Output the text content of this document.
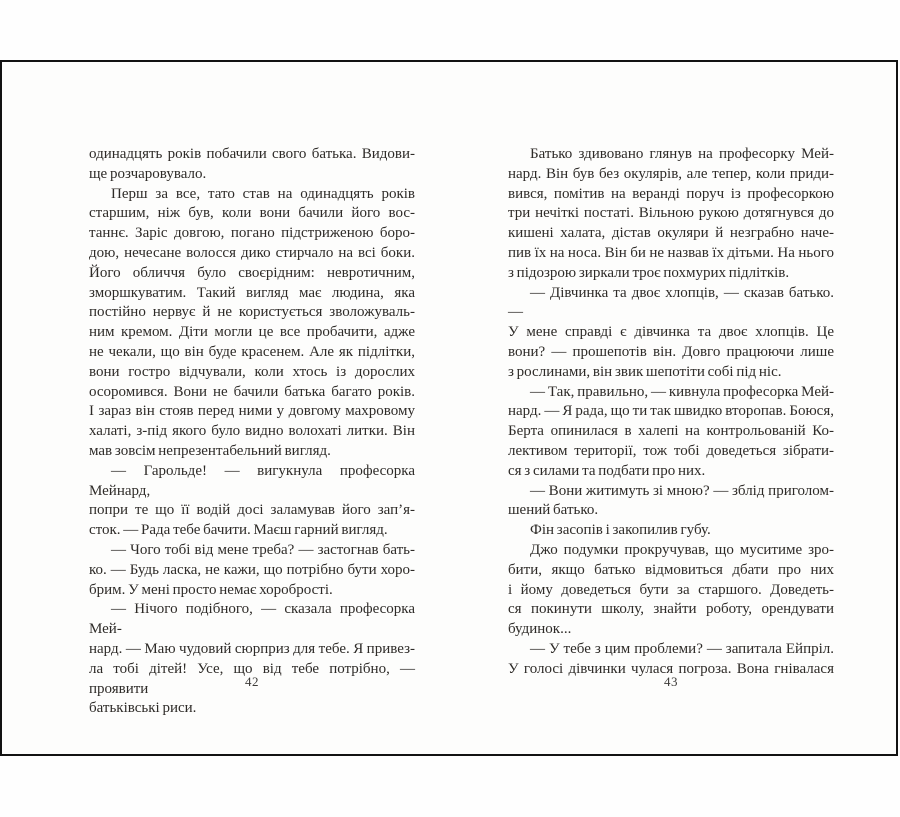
одинадцять років побачили свого батька. Видови-
ще розчаровувало.
Перш за все, тато став на одинадцять років
старшим, ніж був, коли вони бачили його вос-
таннє. Заріс довгою, погано підстриженою боро-
дою, нечесане волосся дико стирчало на всі боки.
Його обличчя було своєрідним: невротичним,
зморшкуватим. Такий вигляд має людина, яка
постійно нервує й не користується зволожуваль-
ним кремом. Діти могли це все пробачити, адже
не чекали, що він буде красенем. Але як підлітки,
вони гостро відчували, коли хтось із дорослих
осоромився. Вони не бачили батька багато років.
І зараз він стояв перед ними у довгому махровому
халаті, з-під якого було видно волохаті литки. Він
мав зовсім непрезентабельний вигляд.
— Гарольде! — вигукнула професорка Мейнард,
попри те що її водій досі заламував його зап’я-
сток. — Рада тебе бачити. Маєш гарний вигляд.
— Чого тобі від мене треба? — застогнав бать-
ко. — Будь ласка, не кажи, що потрібно бути хоро-
брим. У мені просто немає хоробрості.
— Нічого подібного, — сказала професорка Мей-
нард. — Маю чудовий сюрприз для тебе. Я привез-
ла тобі дітей! Усе, що від тебе потрібно, — проявити
батьківські риси.
42
Батько здивовано глянув на професорку Мей-
нард. Він був без окулярів, але тепер, коли приди-
вився, помітив на веранді поруч із професоркою
три нечіткі постаті. Вільною рукою дотягнувся до
кишені халата, дістав окуляри й незграбно наче-
пив їх на носа. Він би не назвав їх дітьми. На нього
з підозрою зиркали троє похмурих підлітків.
— Дівчинка та двоє хлопців, — сказав батько. —
У мене справді є дівчинка та двоє хлопців. Це
вони? — прошепотів він. Довго працюючи лише
з рослинами, він звик шепотіти собі під ніс.
— Так, правильно, — кивнула професорка Мей-
нард. — Я рада, що ти так швидко второпав. Боюся,
Берта опинилася в халепі на контрольованій Ко-
лективом території, тож тобі доведеться зібрати-
ся з силами та подбати про них.
— Вони житимуть зі мною? — зблід приголом-
шений батько.
Фін засопів і закопилив губу.
Джо подумки прокручував, що муситиме зро-
бити, якщо батько відмовиться дбати про них
і йому доведеться бути за старшого. Доведеть-
ся покинути школу, знайти роботу, орендувати
будинок...
— У тебе з цим проблеми? — запитала Ейпріл.
У голосі дівчинки чулася погроза. Вона гнівалася
43
